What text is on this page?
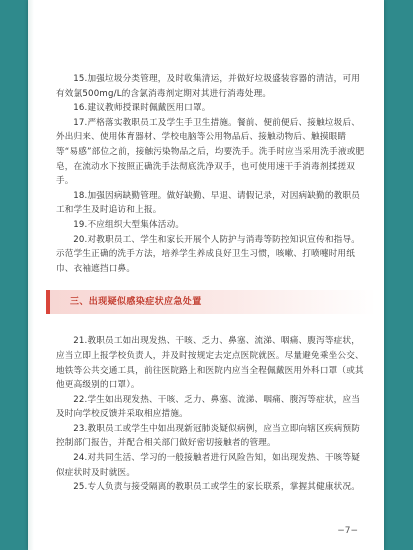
15.加强垃圾分类管理，及时收集清运，并做好垃圾盛装容器的清洁，可用有效氯500mg/L的含氯消毒剂定期对其进行消毒处理。

16.建议教师授课时佩戴医用口罩。

17.严格落实教职员工及学生手卫生措施。餐前、便前便后、接触垃圾后、外出归来、使用体育器材、学校电脑等公用物品后、接触动物后、触摸眼睛等“易感”部位之前，接触污染物品之后，均要洗手。洗手时应当采用洗手液或肥皂，在流动水下按照正确洗手法彻底洗净双手，也可使用速干手消毒剂揉搓双手。

18.加强因病缺勤管理。做好缺勤、早退、请假记录，对因病缺勤的教职员工和学生及时追访和上报。

19.不应组织大型集体活动。

20.对教职员工、学生和家长开展个人防护与消毒等防控知识宣传和指导。示范学生正确的洗手方法，培养学生养成良好卫生习惯，咳嗽、打喷嚏时用纸巾、衣袖遮挡口鼻。

三、出现疑似感染症状应急处置

21.教职员工如出现发热、干咳、乏力、鼻塞、流涕、咽痛、腹泻等症状，应当立即上报学校负责人，并及时按规定去定点医院就医。尽量避免乘坐公交、地铁等公共交通工具，前往医院路上和医院内应当全程佩戴医用外科口罩（或其他更高级别的口罩）。

22.学生如出现发热、干咳、乏力、鼻塞、流涕、咽痛、腹泻等症状，应当及时向学校反馈并采取相应措施。

23.教职员工或学生中如出现新冠肺炎疑似病例，应当立即向辖区疾病预防控制部门报告，并配合相关部门做好密切接触者的管理。

24.对共同生活、学习的一般接触者进行风险告知，如出现发热、干咳等疑似症状时及时就医。

25.专人负责与接受隔离的教职员工或学生的家长联系，掌握其健康状况。

−7−
